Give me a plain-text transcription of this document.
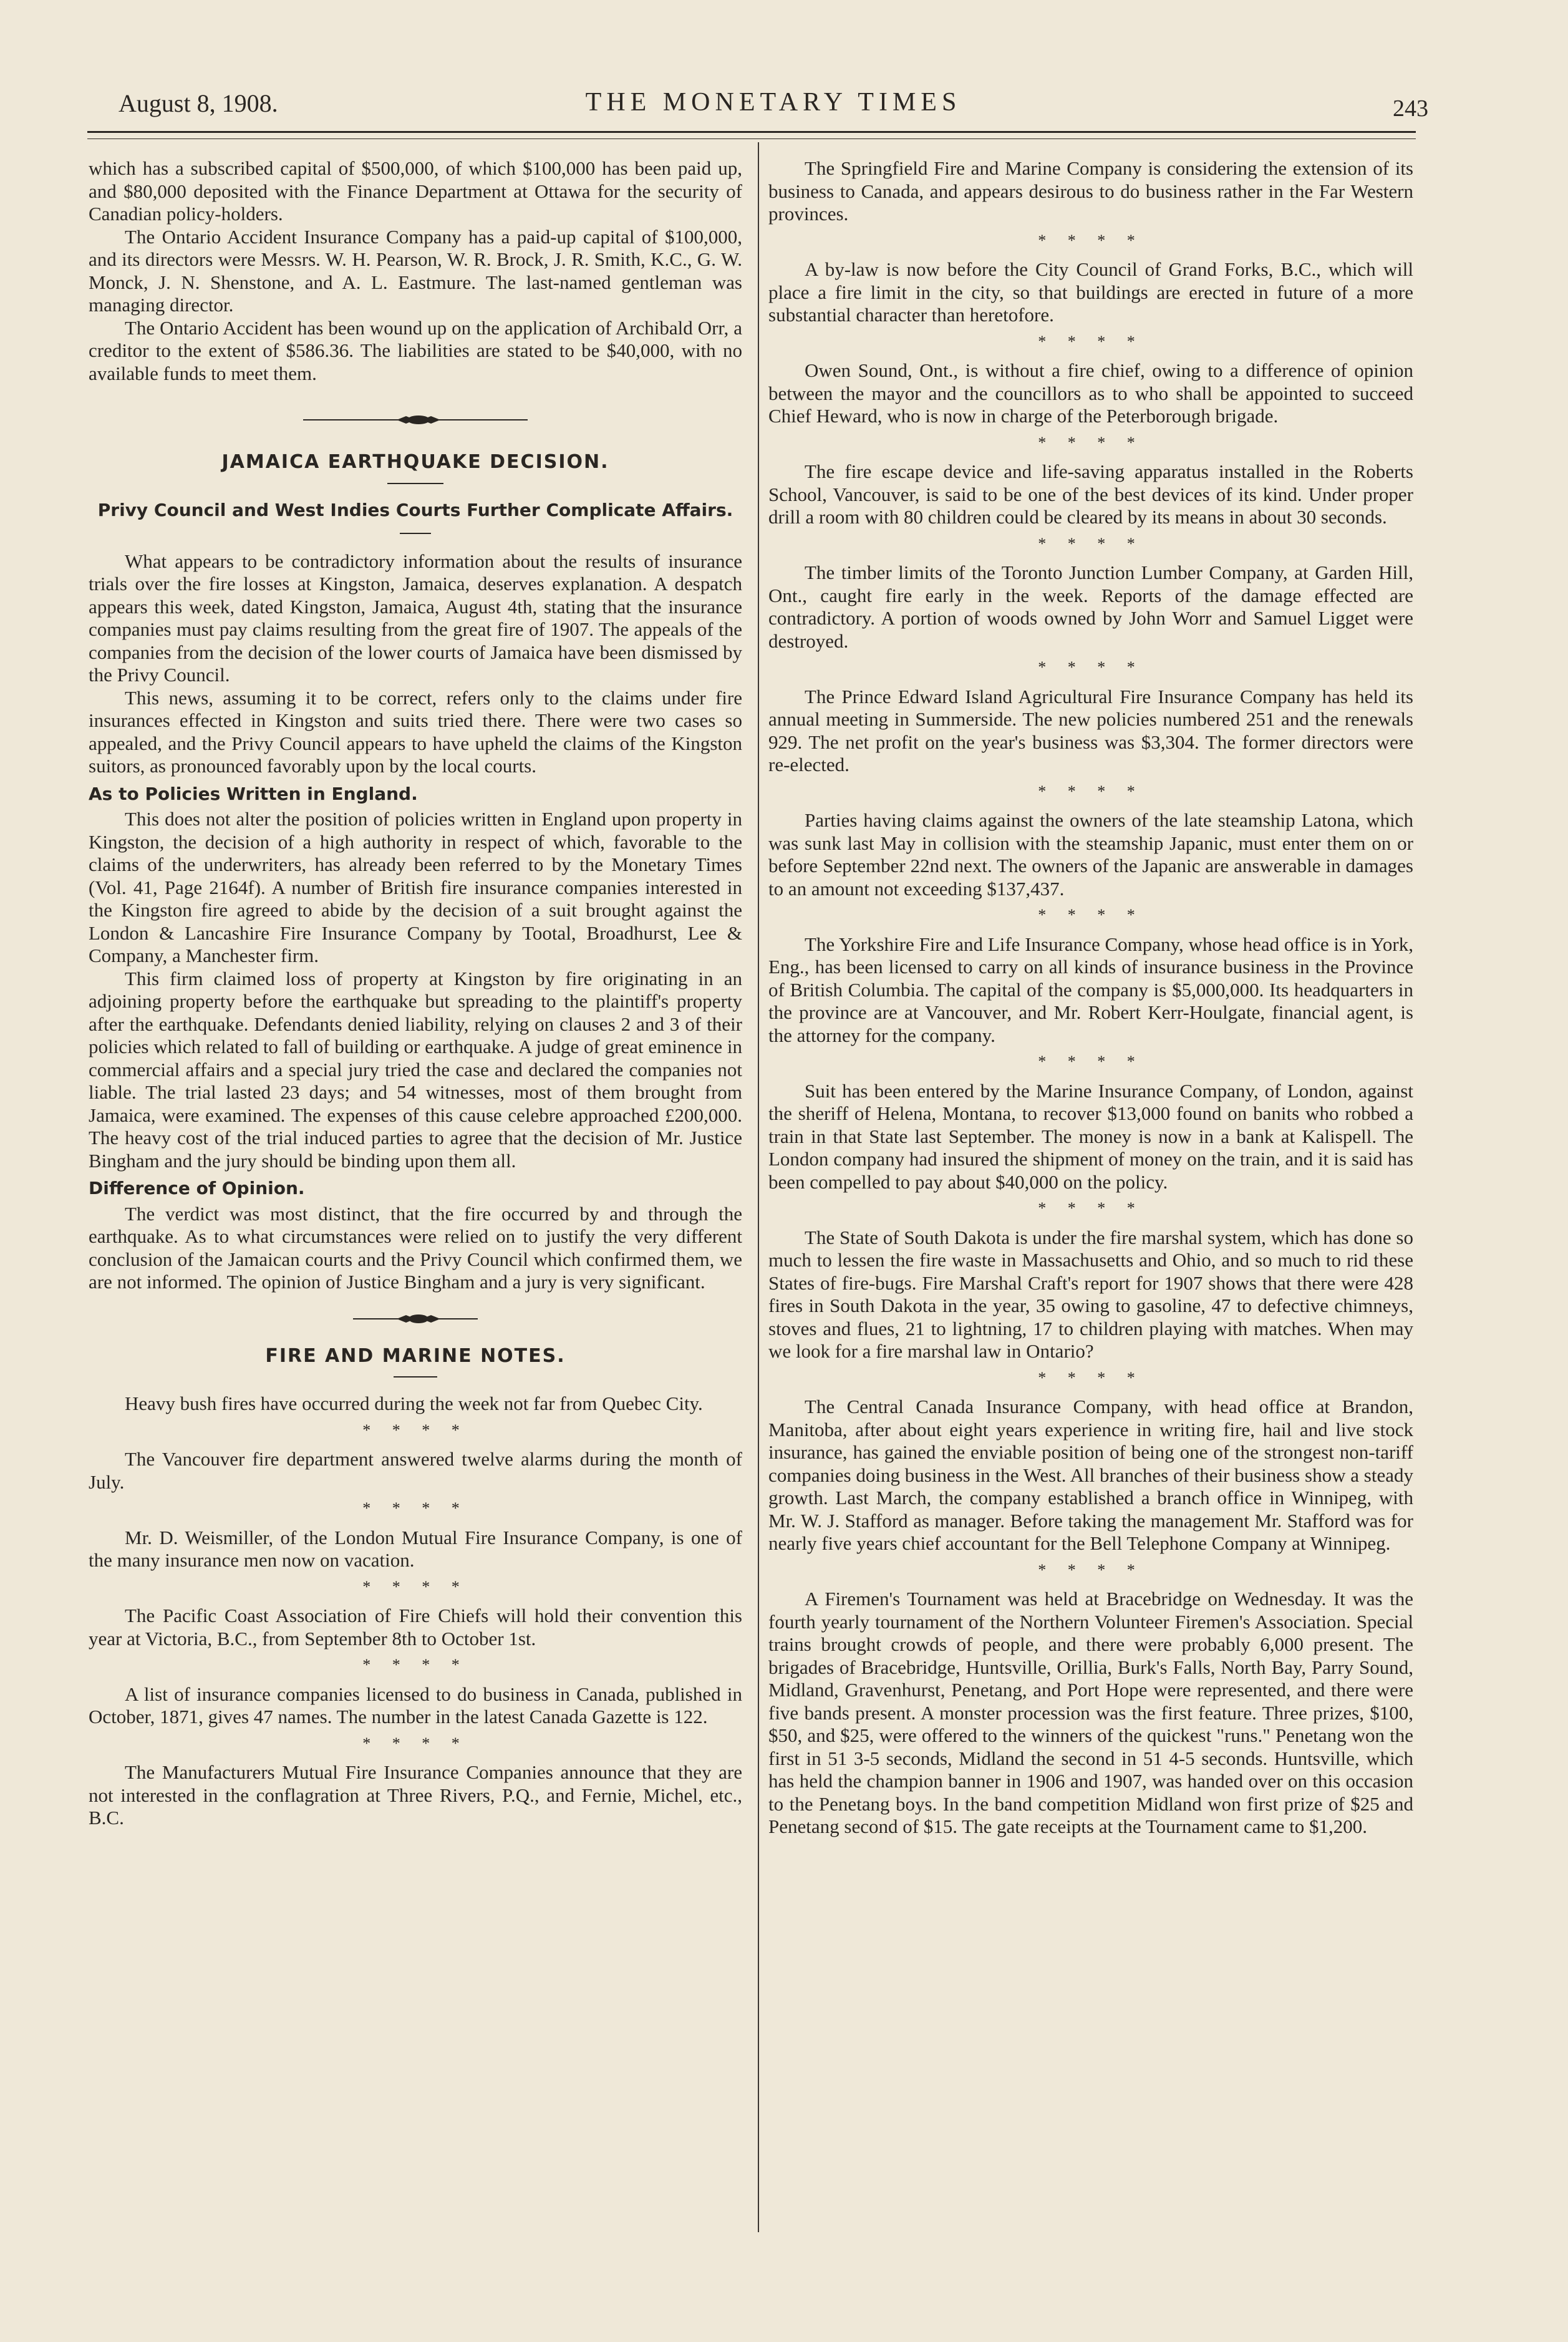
August 8, 1908.	THE MONETARY TIMES	243

which has a subscribed capital of $500,000, of which $100,000 has been paid up, and $80,000 deposited with the Finance Department at Ottawa for the security of Canadian policy-holders.

The Ontario Accident Insurance Company has a paid-up capital of $100,000, and its directors were Messrs. W. H. Pearson, W. R. Brock, J. R. Smith, K.C., G. W. Monck, J. N. Shenstone, and A. L. Eastmure. The last-named gentleman was managing director.

The Ontario Accident has been wound up on the application of Archibald Orr, a creditor to the extent of $586.36. The liabilities are stated to be $40,000, with no available funds to meet them.

JAMAICA EARTHQUAKE DECISION.
Privy Council and West Indies Courts Further Complicate Affairs.

What appears to be contradictory information about the results of insurance trials over the fire losses at Kingston, Jamaica, deserves explanation. A despatch appears this week, dated Kingston, Jamaica, August 4th, stating that the insurance companies must pay claims resulting from the great fire of 1907. The appeals of the companies from the decision of the lower courts of Jamaica have been dismissed by the Privy Council.

This news, assuming it to be correct, refers only to the claims under fire insurances effected in Kingston and suits tried there. There were two cases so appealed, and the Privy Council appears to have upheld the claims of the Kingston suitors, as pronounced favorably upon by the local courts.

As to Policies Written in England.

This does not alter the position of policies written in England upon property in Kingston, the decision of a high authority in respect of which, favorable to the claims of the underwriters, has already been referred to by the Monetary Times (Vol. 41, Page 2164f). A number of British fire insurance companies interested in the Kingston fire agreed to abide by the decision of a suit brought against the London & Lancashire Fire Insurance Company by Tootal, Broadhurst, Lee & Company, a Manchester firm.

This firm claimed loss of property at Kingston by fire originating in an adjoining property before the earthquake but spreading to the plaintiff's property after the earthquake. Defendants denied liability, relying on clauses 2 and 3 of their policies which related to fall of building or earthquake. A judge of great eminence in commercial affairs and a special jury tried the case and declared the companies not liable. The trial lasted 23 days; and 54 witnesses, most of them brought from Jamaica, were examined. The expenses of this cause celebre approached £200,000. The heavy cost of the trial induced parties to agree that the decision of Mr. Justice Bingham and the jury should be binding upon them all.

Difference of Opinion.

The verdict was most distinct, that the fire occurred by and through the earthquake. As to what circumstances were relied on to justify the very different conclusion of the Jamaican courts and the Privy Council which confirmed them, we are not informed. The opinion of Justice Bingham and a jury is very significant.

FIRE AND MARINE NOTES.

Heavy bush fires have occurred during the week not far from Quebec City.

* * * *

The Vancouver fire department answered twelve alarms during the month of July.

* * * *

Mr. D. Weismiller, of the London Mutual Fire Insurance Company, is one of the many insurance men now on vacation.

* * * *

The Pacific Coast Association of Fire Chiefs will hold their convention this year at Victoria, B.C., from September 8th to October 1st.

* * * *

A list of insurance companies licensed to do business in Canada, published in October, 1871, gives 47 names. The number in the latest Canada Gazette is 122.

* * * *

The Manufacturers Mutual Fire Insurance Companies announce that they are not interested in the conflagration at Three Rivers, P.Q., and Fernie, Michel, etc., B.C.

The Springfield Fire and Marine Company is considering the extension of its business to Canada, and appears desirous to do business rather in the Far Western provinces.

* * * *

A by-law is now before the City Council of Grand Forks, B.C., which will place a fire limit in the city, so that buildings are erected in future of a more substantial character than heretofore.

* * * *

Owen Sound, Ont., is without a fire chief, owing to a difference of opinion between the mayor and the councillors as to who shall be appointed to succeed Chief Heward, who is now in charge of the Peterborough brigade.

* * * *

The fire escape device and life-saving apparatus installed in the Roberts School, Vancouver, is said to be one of the best devices of its kind. Under proper drill a room with 80 children could be cleared by its means in about 30 seconds.

* * * *

The timber limits of the Toronto Junction Lumber Company, at Garden Hill, Ont., caught fire early in the week. Reports of the damage effected are contradictory. A portion of woods owned by John Worr and Samuel Ligget were destroyed.

* * * *

The Prince Edward Island Agricultural Fire Insurance Company has held its annual meeting in Summerside. The new policies numbered 251 and the renewals 929. The net profit on the year's business was $3,304. The former directors were re-elected.

* * * *

Parties having claims against the owners of the late steamship Latona, which was sunk last May in collision with the steamship Japanic, must enter them on or before September 22nd next. The owners of the Japanic are answerable in damages to an amount not exceeding $137,437.

* * * *

The Yorkshire Fire and Life Insurance Company, whose head office is in York, Eng., has been licensed to carry on all kinds of insurance business in the Province of British Columbia. The capital of the company is $5,000,000. Its headquarters in the province are at Vancouver, and Mr. Robert Kerr-Houlgate, financial agent, is the attorney for the company.

* * * *

Suit has been entered by the Marine Insurance Company, of London, against the sheriff of Helena, Montana, to recover $13,000 found on banits who robbed a train in that State last September. The money is now in a bank at Kalispell. The London company had insured the shipment of money on the train, and it is said has been compelled to pay about $40,000 on the policy.

* * * *

The State of South Dakota is under the fire marshal system, which has done so much to lessen the fire waste in Massachusetts and Ohio, and so much to rid these States of fire-bugs. Fire Marshal Craft's report for 1907 shows that there were 428 fires in South Dakota in the year, 35 owing to gasoline, 47 to defective chimneys, stoves and flues, 21 to lightning, 17 to children playing with matches. When may we look for a fire marshal law in Ontario?

* * * *

The Central Canada Insurance Company, with head office at Brandon, Manitoba, after about eight years experience in writing fire, hail and live stock insurance, has gained the enviable position of being one of the strongest non-tariff companies doing business in the West. All branches of their business show a steady growth. Last March, the company established a branch office in Winnipeg, with Mr. W. J. Stafford as manager. Before taking the management Mr. Stafford was for nearly five years chief accountant for the Bell Telephone Company at Winnipeg.

* * * *

A Firemen's Tournament was held at Bracebridge on Wednesday. It was the fourth yearly tournament of the Northern Volunteer Firemen's Association. Special trains brought crowds of people, and there were probably 6,000 present. The brigades of Bracebridge, Huntsville, Orillia, Burk's Falls, North Bay, Parry Sound, Midland, Gravenhurst, Penetang, and Port Hope were represented, and there were five bands present. A monster procession was the first feature. Three prizes, $100, $50, and $25, were offered to the winners of the quickest "runs." Penetang won the first in 51 3-5 seconds, Midland the second in 51 4-5 seconds. Huntsville, which has held the champion banner in 1906 and 1907, was handed over on this occasion to the Penetang boys. In the band competition Midland won first prize of $25 and Penetang second of $15. The gate receipts at the Tournament came to $1,200.
